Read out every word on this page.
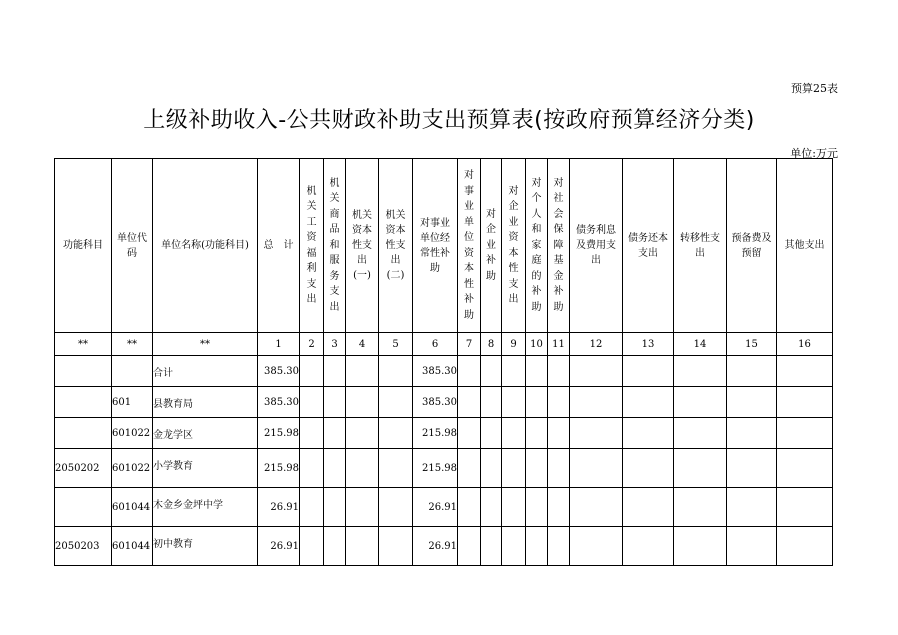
预算25表
上级补助收入-公共财政补助支出预算表(按政府预算经济分类)
单位:万元
功能科目	单位代码	单位名称(功能科目)	总　计	机关工资福利支出	机关商品和服务支出	机关资本性支出(一)	机关资本性支出(二)	对事业单位经常性补助	对事业单位资本性补助	对企业补助	对企业资本性支出	对个人和家庭的补助	对社会保障基金补助	债务利息及费用支出	债务还本支出	转移性支出	预备费及预留	其他支出
**	**	**	1	2	3	4	5	6	7	8	9	10	11	12	13	14	15	16
		合计	385.30					385.30										
	601	县教育局	385.30					385.30										
	601022	金龙学区	215.98					215.98										
2050202	601022	小学教育	215.98					215.98										
	601044	木金乡金坪中学	26.91					26.91										
2050203	601044	初中教育	26.91					26.91										
